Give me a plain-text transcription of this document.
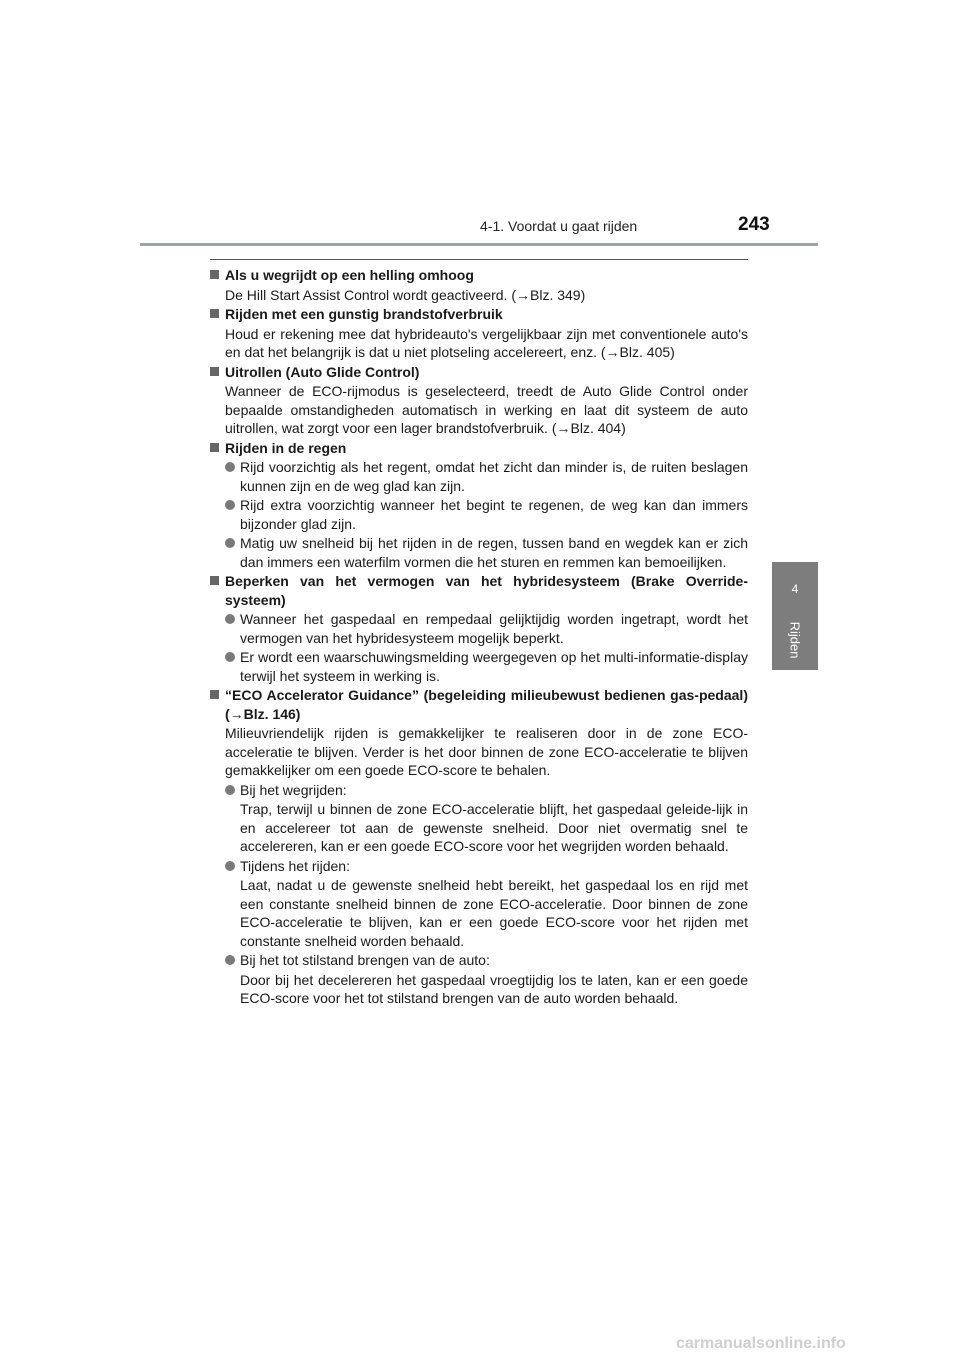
4-1. Voordat u gaat rijden	243
4
Rijden
Als u wegrijdt op een helling omhoog
De Hill Start Assist Control wordt geactiveerd. (→Blz. 349)
Rijden met een gunstig brandstofverbruik
Houd er rekening mee dat hybrideauto's vergelijkbaar zijn met conventionele auto's en dat het belangrijk is dat u niet plotseling accelereert, enz. (→Blz. 405)
Uitrollen (Auto Glide Control)
Wanneer de ECO-rijmodus is geselecteerd, treedt de Auto Glide Control onder bepaalde omstandigheden automatisch in werking en laat dit systeem de auto uitrollen, wat zorgt voor een lager brandstofverbruik. (→Blz. 404)
Rijden in de regen
Rijd voorzichtig als het regent, omdat het zicht dan minder is, de ruiten beslagen kunnen zijn en de weg glad kan zijn.
Rijd extra voorzichtig wanneer het begint te regenen, de weg kan dan immers bijzonder glad zijn.
Matig uw snelheid bij het rijden in de regen, tussen band en wegdek kan er zich dan immers een waterfilm vormen die het sturen en remmen kan bemoeilijken.
Beperken van het vermogen van het hybridesysteem (Brake Override-systeem)
Wanneer het gaspedaal en rempedaal gelijktijdig worden ingetrapt, wordt het vermogen van het hybridesysteem mogelijk beperkt.
Er wordt een waarschuwingsmelding weergegeven op het multi-informatie-display terwijl het systeem in werking is.
“ECO Accelerator Guidance” (begeleiding milieubewust bedienen gas-pedaal) (→Blz. 146)
Milieuvriendelijk rijden is gemakkelijker te realiseren door in de zone ECO-acceleratie te blijven. Verder is het door binnen de zone ECO-acceleratie te blijven gemakkelijker om een goede ECO-score te behalen.
Bij het wegrijden:
Trap, terwijl u binnen de zone ECO-acceleratie blijft, het gaspedaal geleide-lijk in en accelereer tot aan de gewenste snelheid. Door niet overmatig snel te accelereren, kan er een goede ECO-score voor het wegrijden worden behaald.
Tijdens het rijden:
Laat, nadat u de gewenste snelheid hebt bereikt, het gaspedaal los en rijd met een constante snelheid binnen de zone ECO-acceleratie. Door binnen de zone ECO-acceleratie te blijven, kan er een goede ECO-score voor het rijden met constante snelheid worden behaald.
Bij het tot stilstand brengen van de auto:
Door bij het decelereren het gaspedaal vroegtijdig los te laten, kan er een goede ECO-score voor het tot stilstand brengen van de auto worden behaald.
carmanualsonline.info
